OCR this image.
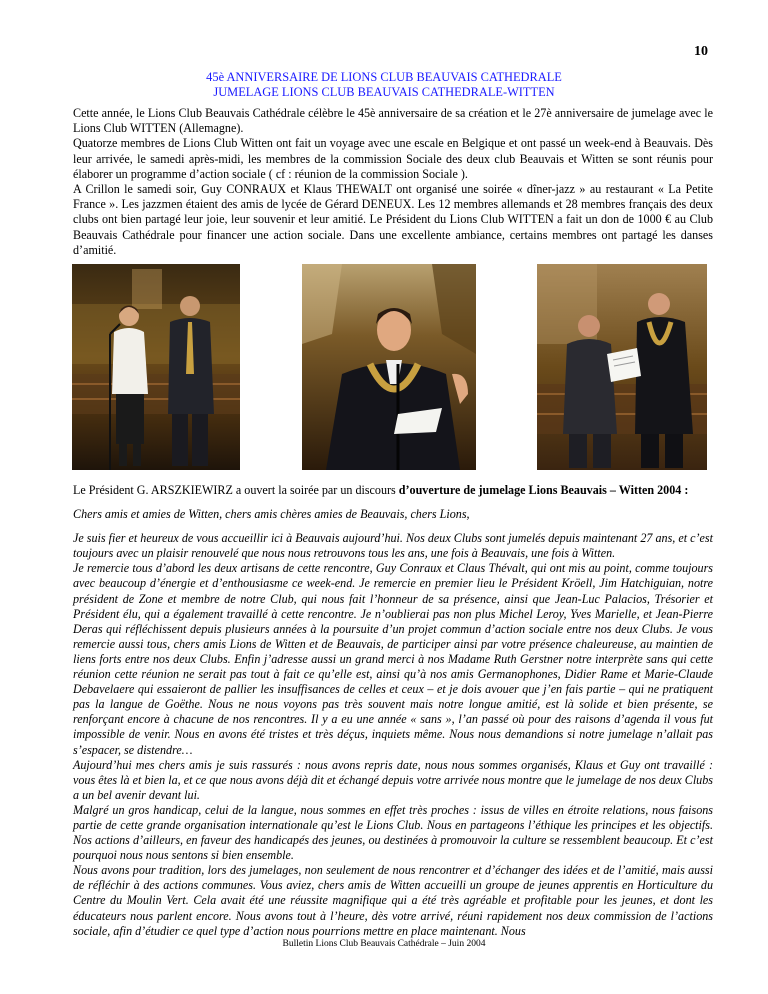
10
45è ANNIVERSAIRE DE LIONS CLUB BEAUVAIS CATHEDRALE
JUMELAGE LIONS CLUB BEAUVAIS CATHEDRALE-WITTEN

Cette année, le Lions Club Beauvais Cathédrale célèbre le 45è anniversaire de sa création et le 27è anniversaire de jumelage avec le Lions Club WITTEN (Allemagne).

Quatorze membres de Lions Club Witten ont fait un voyage avec une escale en Belgique et ont passé un week-end à Beauvais. Dès leur arrivée, le samedi après-midi, les membres de la commission Sociale des deux club Beauvais et Witten se sont réunis pour élaborer un programme d’action sociale ( cf : réunion de la commission Sociale ).

A Crillon le samedi soir, Guy CONRAUX et Klaus THEWALT ont organisé une soirée « dîner-jazz » au restaurant « La Petite France ». Les jazzmen étaient des amis de lycée de Gérard DENEUX. Les 12 membres allemands et 28 membres français des deux clubs ont bien partagé leur joie, leur souvenir et leur amitié. Le Président du Lions Club WITTEN a fait un don de 1000 € au Club Beauvais Cathédrale pour financer une action sociale. Dans une excellente ambiance, certains membres ont partagé les danses d’amitié.

Le Président G. ARSZKIEWIRZ a ouvert la soirée par un discours d’ouverture de jumelage Lions Beauvais – Witten 2004 :

Chers amis et amies de Witten, chers amis chères amies de Beauvais, chers Lions,

Je suis fier et heureux de vous accueillir ici à Beauvais aujourd’hui. Nos deux Clubs sont jumelés depuis maintenant 27 ans, et c’est toujours avec un plaisir renouvelé que nous nous retrouvons tous les ans, une fois à Beauvais, une fois à Witten.

Je remercie tous d’abord les deux artisans de cette rencontre, Guy Conraux et Claus Thévalt, qui ont mis au point, comme toujours avec beaucoup d’énergie et d’enthousiasme ce week-end. Je remercie en premier lieu le Président Kröell, Jim Hatchiguian, notre président de Zone et membre de notre Club, qui nous fait l’honneur de sa présence, ainsi que Jean-Luc Palacios, Trésorier et Président élu, qui a également travaillé à cette rencontre. Je n’oublierai pas non plus Michel Leroy, Yves Marielle, et Jean-Pierre Deras qui réfléchissent depuis plusieurs années à la poursuite d’un projet commun d’action sociale entre nos deux Clubs. Je vous remercie aussi tous, chers amis Lions de Witten et de Beauvais, de participer ainsi par votre présence chaleureuse, au maintien de liens forts entre nos deux Clubs. Enfin j’adresse aussi un grand merci à nos Madame Ruth Gerstner notre interprète sans qui cette réunion cette réunion ne serait pas tout à fait ce qu’elle est, ainsi qu’à nos amis Germanophones, Didier Rame et Marie-Claude Debavelaere qui essaieront de pallier les insuffisances de celles et ceux – et je dois avouer que j’en fais partie – qui ne pratiquent pas la langue de Goëthe. Nous ne nous voyons pas très souvent mais notre longue amitié, est là solide et bien présente, se renforçant encore à chacune de nos rencontres. Il y a eu une année « sans », l’an passé où pour des raisons d’agenda il vous fut impossible de venir. Nous en avons été tristes et très déçus, inquiets même. Nous nous demandions si notre jumelage n’allait pas s’espacer, se distendre…

Aujourd’hui mes chers amis je suis rassurés : nous avons repris date, nous nous sommes organisés, Klaus et Guy ont travaillé : vous êtes là et bien la, et ce que nous avons déjà dit et échangé depuis votre arrivée nous montre que le jumelage de nos deux Clubs a un bel avenir devant lui.

Malgré un gros handicap, celui de la langue, nous sommes en effet très proches : issus de villes en étroite relations, nous faisons partie de cette grande organisation internationale qu’est le Lions Club. Nous en partageons l’éthique les principes et les objectifs. Nos actions d’ailleurs, en faveur des handicapés des jeunes, ou destinées à promouvoir la culture se ressemblent beaucoup. Et c’est pourquoi nous nous sentons si bien ensemble.

Nous avons pour tradition, lors des jumelages, non seulement de nous rencontrer et d’échanger des idées et de l’amitié, mais aussi de réfléchir à des actions communes. Vous aviez, chers amis de Witten accueilli un groupe de jeunes apprentis en Horticulture du Centre du Moulin Vert. Cela avait été une réussite magnifique qui a été très agréable et profitable pour les jeunes, et dont les éducateurs nous parlent encore. Nous avons tout à l’heure, dès votre arrivé, réuni rapidement nos deux commission de l’actions sociale, afin d’étudier ce quel type d’action nous pourrions mettre en place maintenant. Nous

Bulletin Lions Club Beauvais Cathédrale – Juin 2004
